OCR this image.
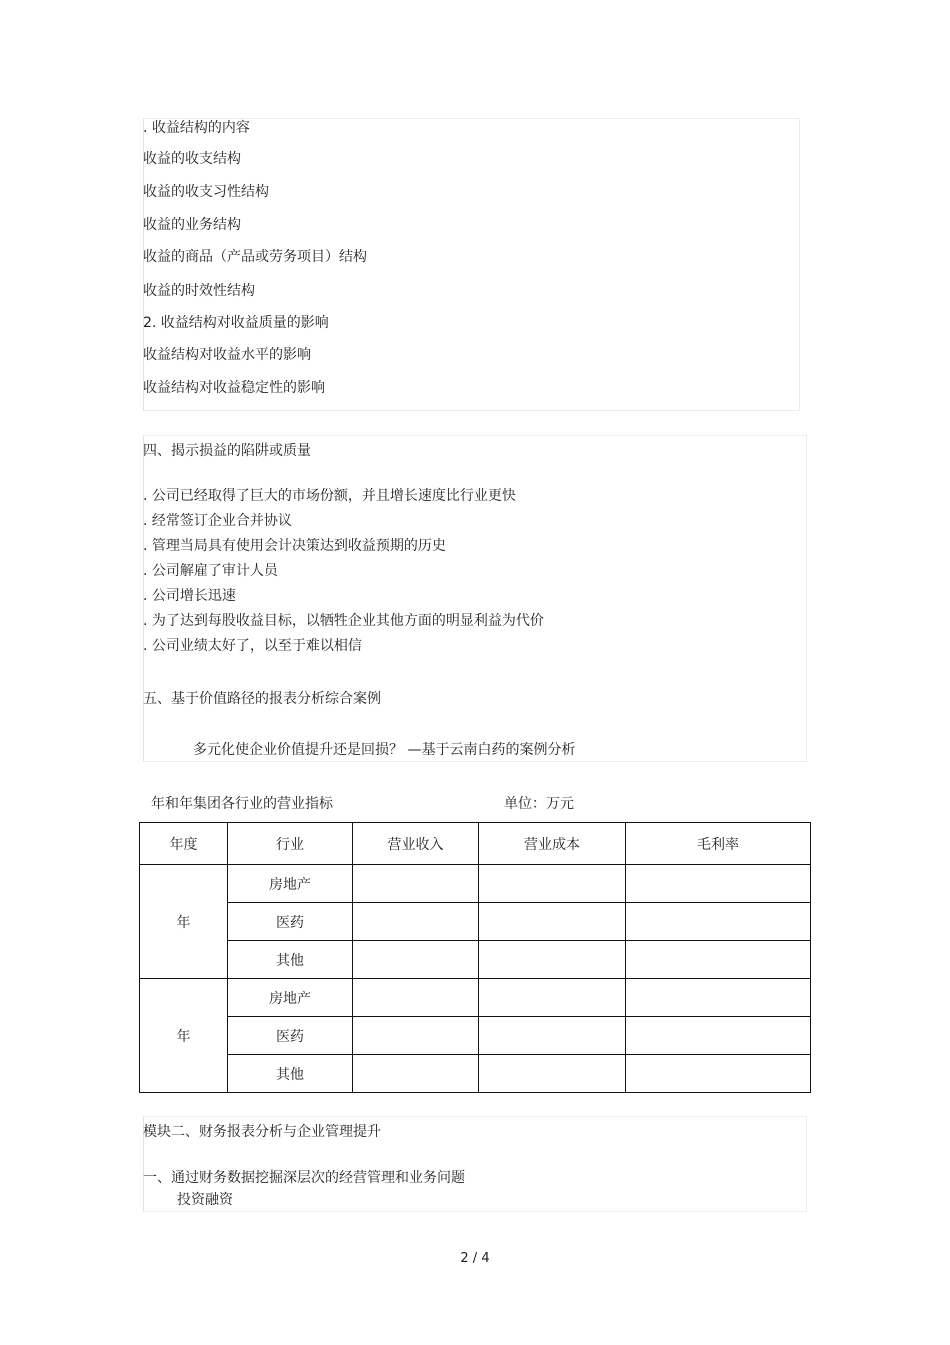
. 收益结构的内容
收益的收支结构
收益的收支习性结构
收益的业务结构
收益的商品（产品或劳务项目）结构
收益的时效性结构
2. 收益结构对收益质量的影响
收益结构对收益水平的影响
收益结构对收益稳定性的影响
四、揭示损益的陷阱或质量
. 公司已经取得了巨大的市场份额，并且增长速度比行业更快
. 经常签订企业合并协议
. 管理当局具有使用会计决策达到收益预期的历史
. 公司解雇了审计人员
. 公司增长迅速
. 为了达到每股收益目标，以牺牲企业其他方面的明显利益为代价
. 公司业绩太好了，以至于难以相信
五、基于价值路径的报表分析综合案例
多元化使企业价值提升还是回损？ —基于云南白药的案例分析
年和年集团各行业的营业指标	单位：万元
年度	行业	营业收入	营业成本	毛利率
年	房地产			
	医药			
	其他			
年	房地产			
	医药			
	其他			
模块二、财务报表分析与企业管理提升
一、通过财务数据挖掘深层次的经营管理和业务问题
投资融资
2 / 4
